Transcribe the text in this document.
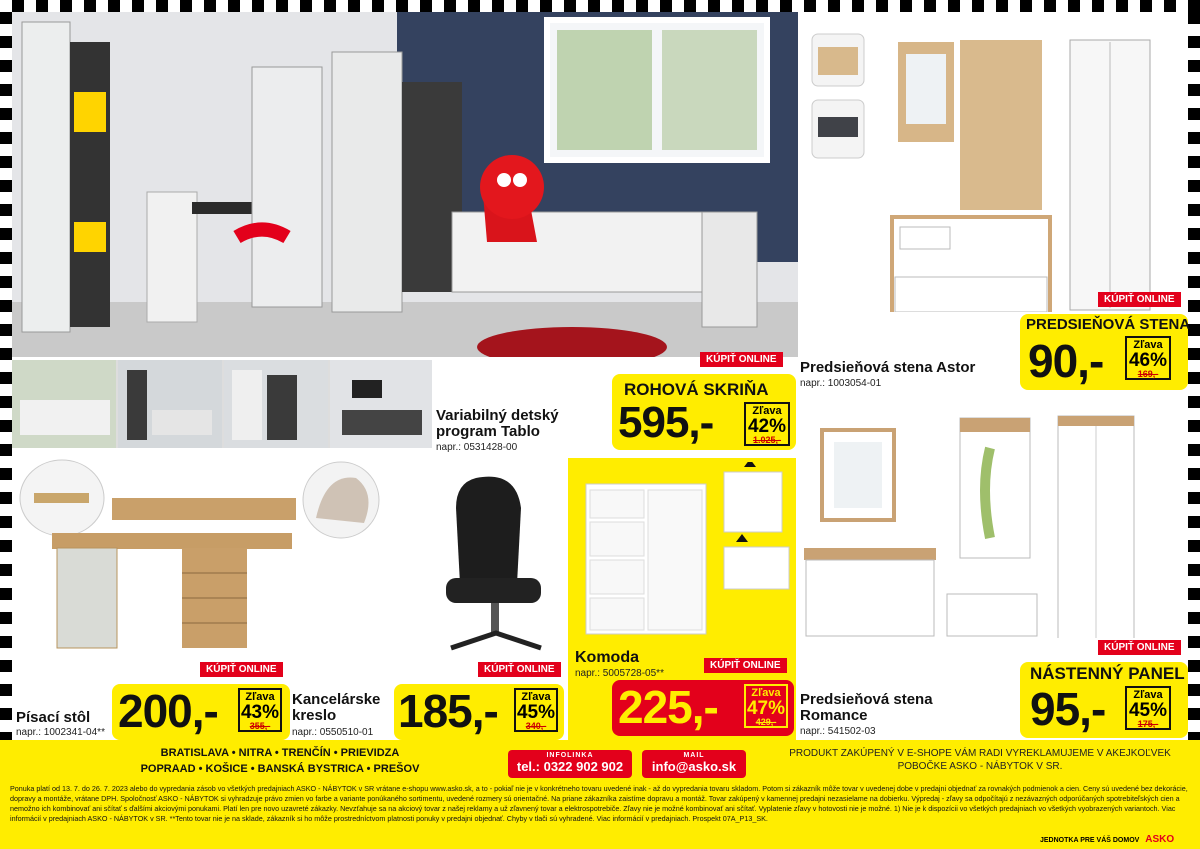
Variabilný detský
program Tablo
napr.: 0531428-00
KÚPIŤ ONLINE
ROHOVÁ SKRIŇA
595,-	Zľava
42%
1.025,-
Predsieňová stena Astor
napr.: 1003054-01
KÚPIŤ ONLINE
PREDSIEŇOVÁ STENA
90,-	Zľava
46%
169,-
KÚPIŤ ONLINE
200,-	Zľava
43%
355,-
Písací stôl
napr.: 1002341-04**
KÚPIŤ ONLINE
185,-	Zľava
45%
340,-
Kancelárske
kreslo
napr.: 0550510-01
KÚPIŤ ONLINE
Komoda
napr.: 5005728-05**
225,-	Zľava
47%
429,-
KÚPIŤ ONLINE
NÁSTENNÝ PANEL
95,-	Zľava
45%
175,-
Predsieňová stena
Romance
napr.: 541502-03
BRATISLAVA • NITRA • TRENČÍN • PRIEVIDZA
POPRAAD • KOŠICE • BANSKÁ BYSTRICA • PREŠOV
INFOLINKA
tel.: 0322 902 902
MAIL
info@asko.sk
PRODUKT ZAKÚPENÝ V E-SHOPE VÁM RADI VYREKLAMUJEME V AKEJKOĽVEK POBOČKE ASKO - NÁBYTOK V SR.
Ponuka platí od 13. 7. do 26. 7. 2023 alebo do vypredania zásob vo všetkých predajniach ASKO - NÁBYTOK v SR vrátane e-shopu www.asko.sk, a to - pokiaľ nie je v konkrétneho tovaru uvedené inak - až do vypredania tovaru skladom. Potom si zákazník môže tovar v uvedenej dobe v predajni objednať za rovnakých podmienok a cien. Ceny sú uvedené bez dekorácie, dopravy a montáže, vrátane DPH. Spoločnosť ASKO - NÁBYTOK si vyhradzuje právo zmien vo farbe a variante ponúkaného sortimentu, uvedené rozmery sú orientačné. Na priane zákazníka zaistíme dopravu a montáž. Tovar zakúpený v kamennej predajni nezasielame na dobierku. Výpredaj - zľavy sa odpočítajú z nezávazných odporúčaných spotrebiteľských cien a nemožno ich kombinovať ani sčítať s ďalšími akciovými ponukami. Platí len pre novo uzavreté zákazky. Nevzťahuje sa na akciový tovar z našej reklamy a už zľavnený tovar a elektrospotrebiče. Zľavy nie je možné kombinovať ani sčítať. Vyplatenie zľavy v hotovosti nie je možné. 1) Nie je k dispozícii vo všetkých predajniach vo všetkých vyobrazených variantoch. Viac informácií v predajniach ASKO - NÁBYTOK v SR. **Tento tovar nie je na sklade, zákazník si ho môže prostredníctvom platnosti ponuky v predajni objednať. Chyby v tlači sú vyhradené. Viac informácií v predajniach. Prospekt 07A_P13_SK.
JEDNOTKA PRE VÁŠ DOMOV ASKO
